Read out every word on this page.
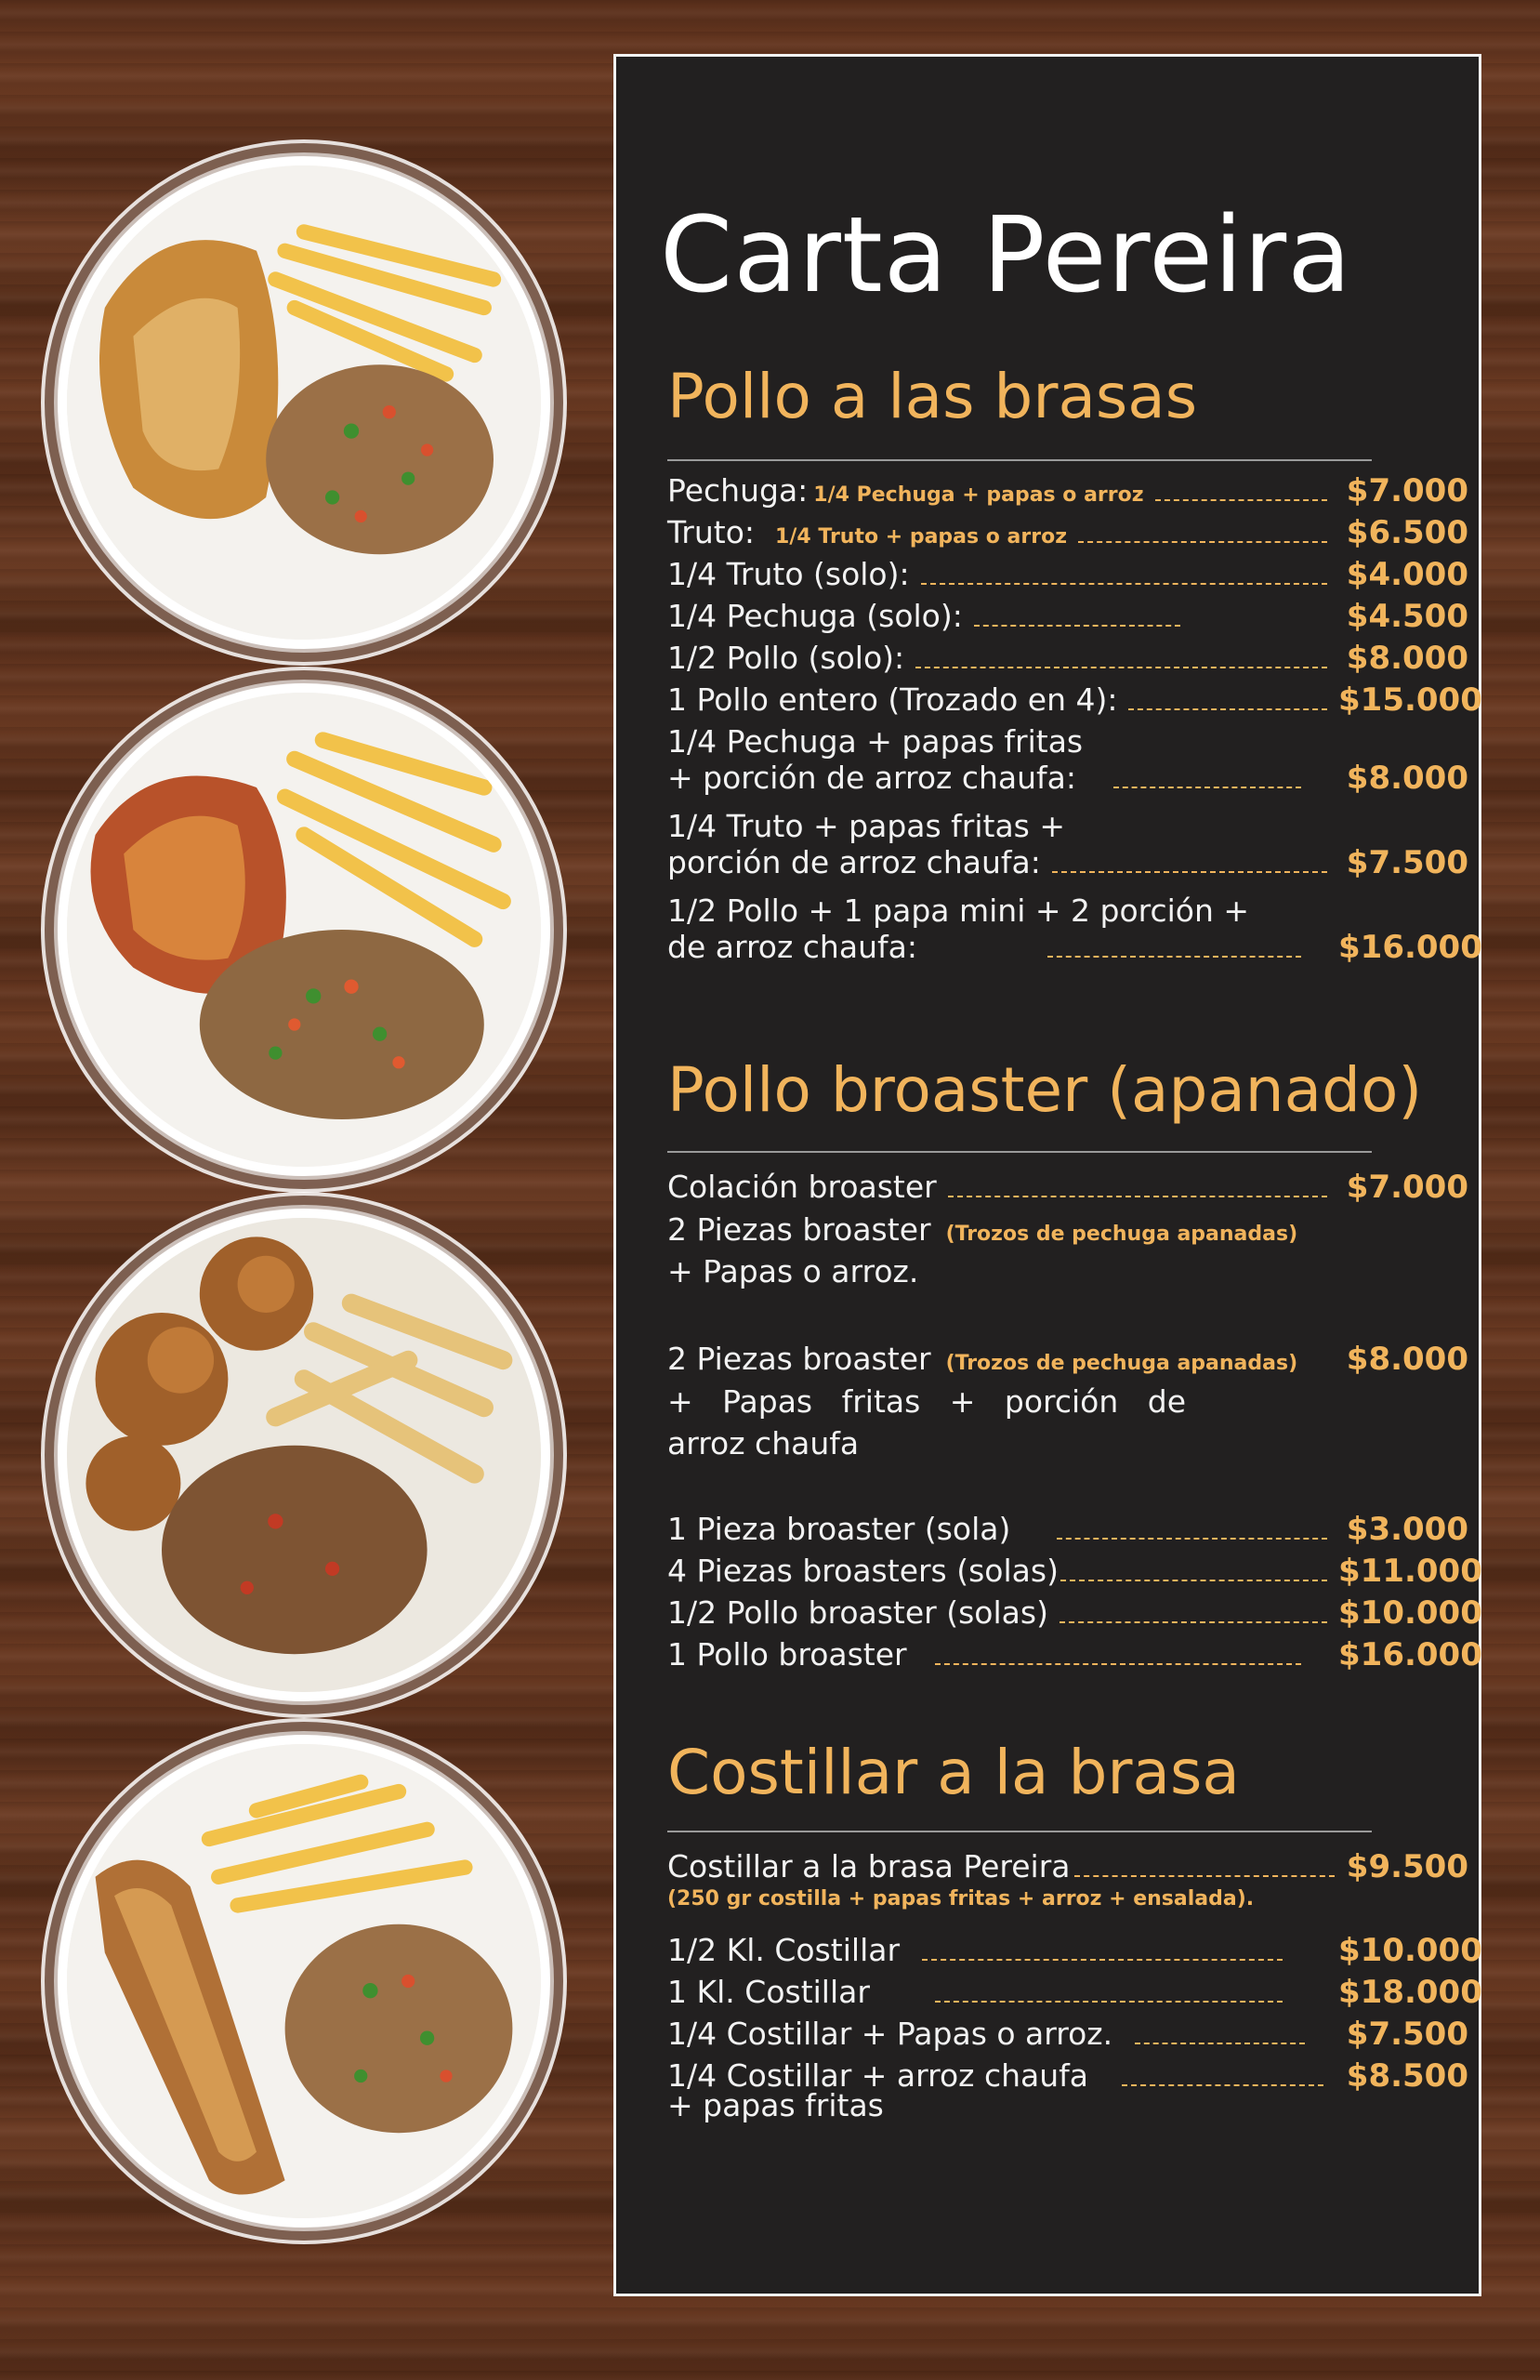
Carta Pereira
Pollo a las brasas
Pechuga: 1/4 Pechuga + papas o arroz	$7.000
Truto: 1/4 Truto + papas o arroz	$6.500
1/4 Truto (solo):	$4.000
1/4 Pechuga (solo):	$4.500
1/2 Pollo (solo):	$8.000
1 Pollo entero (Trozado en 4):	$15.000
1/4 Pechuga + papas fritas
+ porción de arroz chaufa:	$8.000
1/4 Truto + papas fritas +
porción de arroz chaufa:	$7.500
1/2 Pollo + 1 papa mini + 2 porción +
de arroz chaufa:	$16.000
Pollo broaster (apanado)
Colación broaster	$7.000
2 Piezas broaster (Trozos de pechuga apanadas)
+ Papas o arroz.
2 Piezas broaster (Trozos de pechuga apanadas) $8.000
+   Papas   fritas   +   porción   de
arroz chaufa
1 Pieza broaster (sola)	$3.000
4 Piezas broasters (solas)	$11.000
1/2 Pollo broaster (solas)	$10.000
1 Pollo broaster	$16.000
Costillar a la brasa
Costillar a la brasa Pereira	$9.500
(250 gr costilla + papas fritas + arroz + ensalada).
1/2 Kl. Costillar	$10.000
1 Kl. Costillar	$18.000
1/4 Costillar + Papas o arroz.	$7.500
1/4 Costillar + arroz chaufa	$8.500
+ papas fritas
